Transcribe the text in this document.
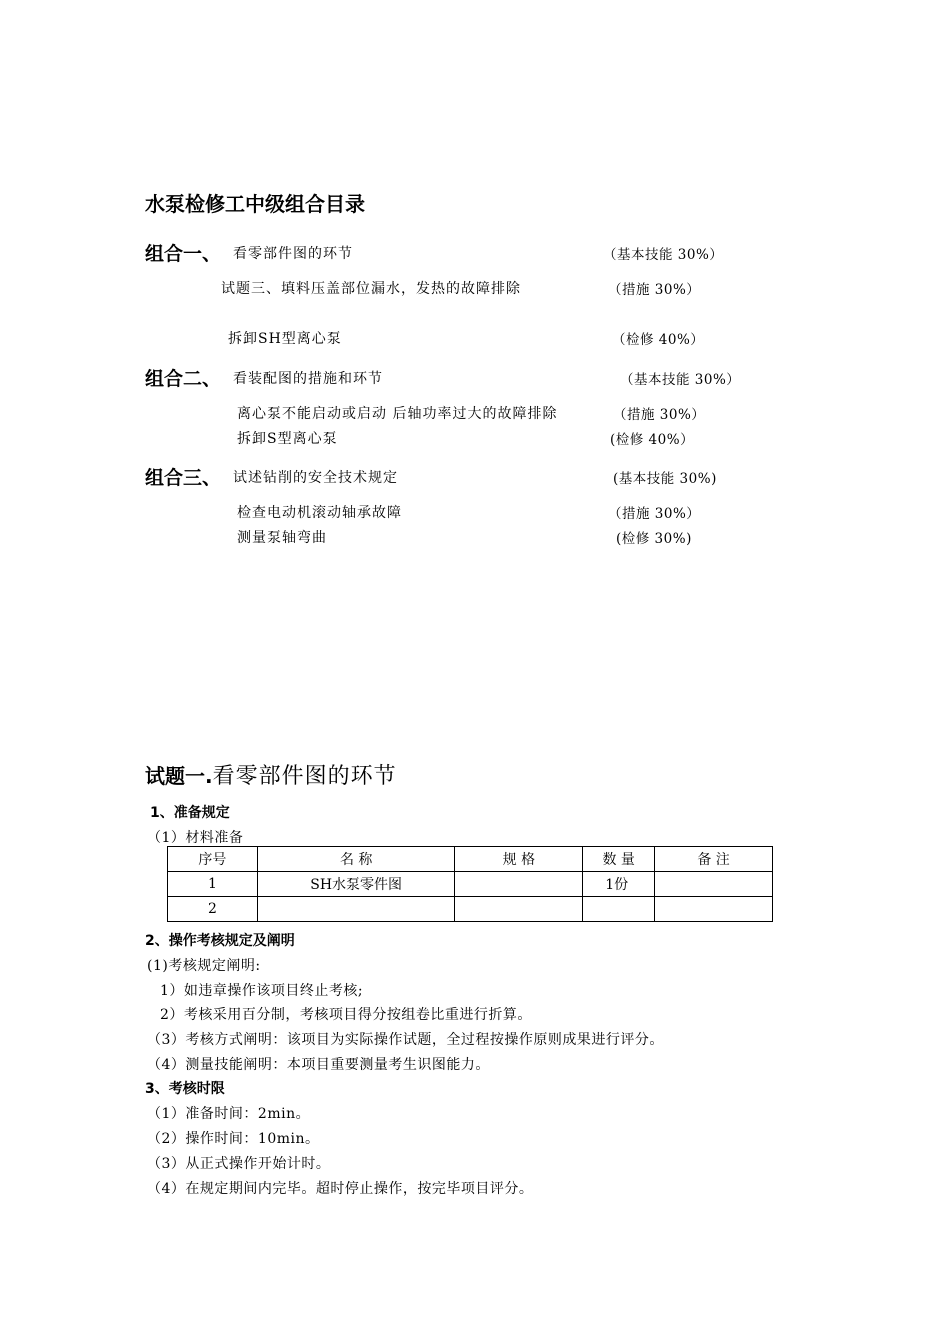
水泵检修工中级组合目录
组合一、 看零部件图的环节	（基本技能 30%）
试题三、填料压盖部位漏水，发热的故障排除	（措施 30%）
拆卸SH型离心泵	（检修 40%）
组合二、 看装配图的措施和环节	（基本技能 30%）
离心泵不能启动或启动 后轴功率过大的故障排除	（措施 30%）
拆卸S型离心泵	(检修 40%）
组合三、 试述钻削的安全技术规定	(基本技能 30%)
检查电动机滚动轴承故障	（措施 30%）
测量泵轴弯曲	(检修 30%)
试题一.看零部件图的环节
1、准备规定
（1）材料准备
序号	名 称	规 格	数 量	备 注
1	SH水泵零件图		1份	
2				
2、操作考核规定及阐明
(1)考核规定阐明:
1）如违章操作该项目终止考核;
2）考核采用百分制，考核项目得分按组卷比重进行折算。
（3）考核方式阐明：该项目为实际操作试题，全过程按操作原则成果进行评分。
（4）测量技能阐明：本项目重要测量考生识图能力。
3、考核时限
（1）准备时间：2min。
（2）操作时间：10min。
（3）从正式操作开始计时。
（4）在规定期间内完毕。超时停止操作，按完毕项目评分。
